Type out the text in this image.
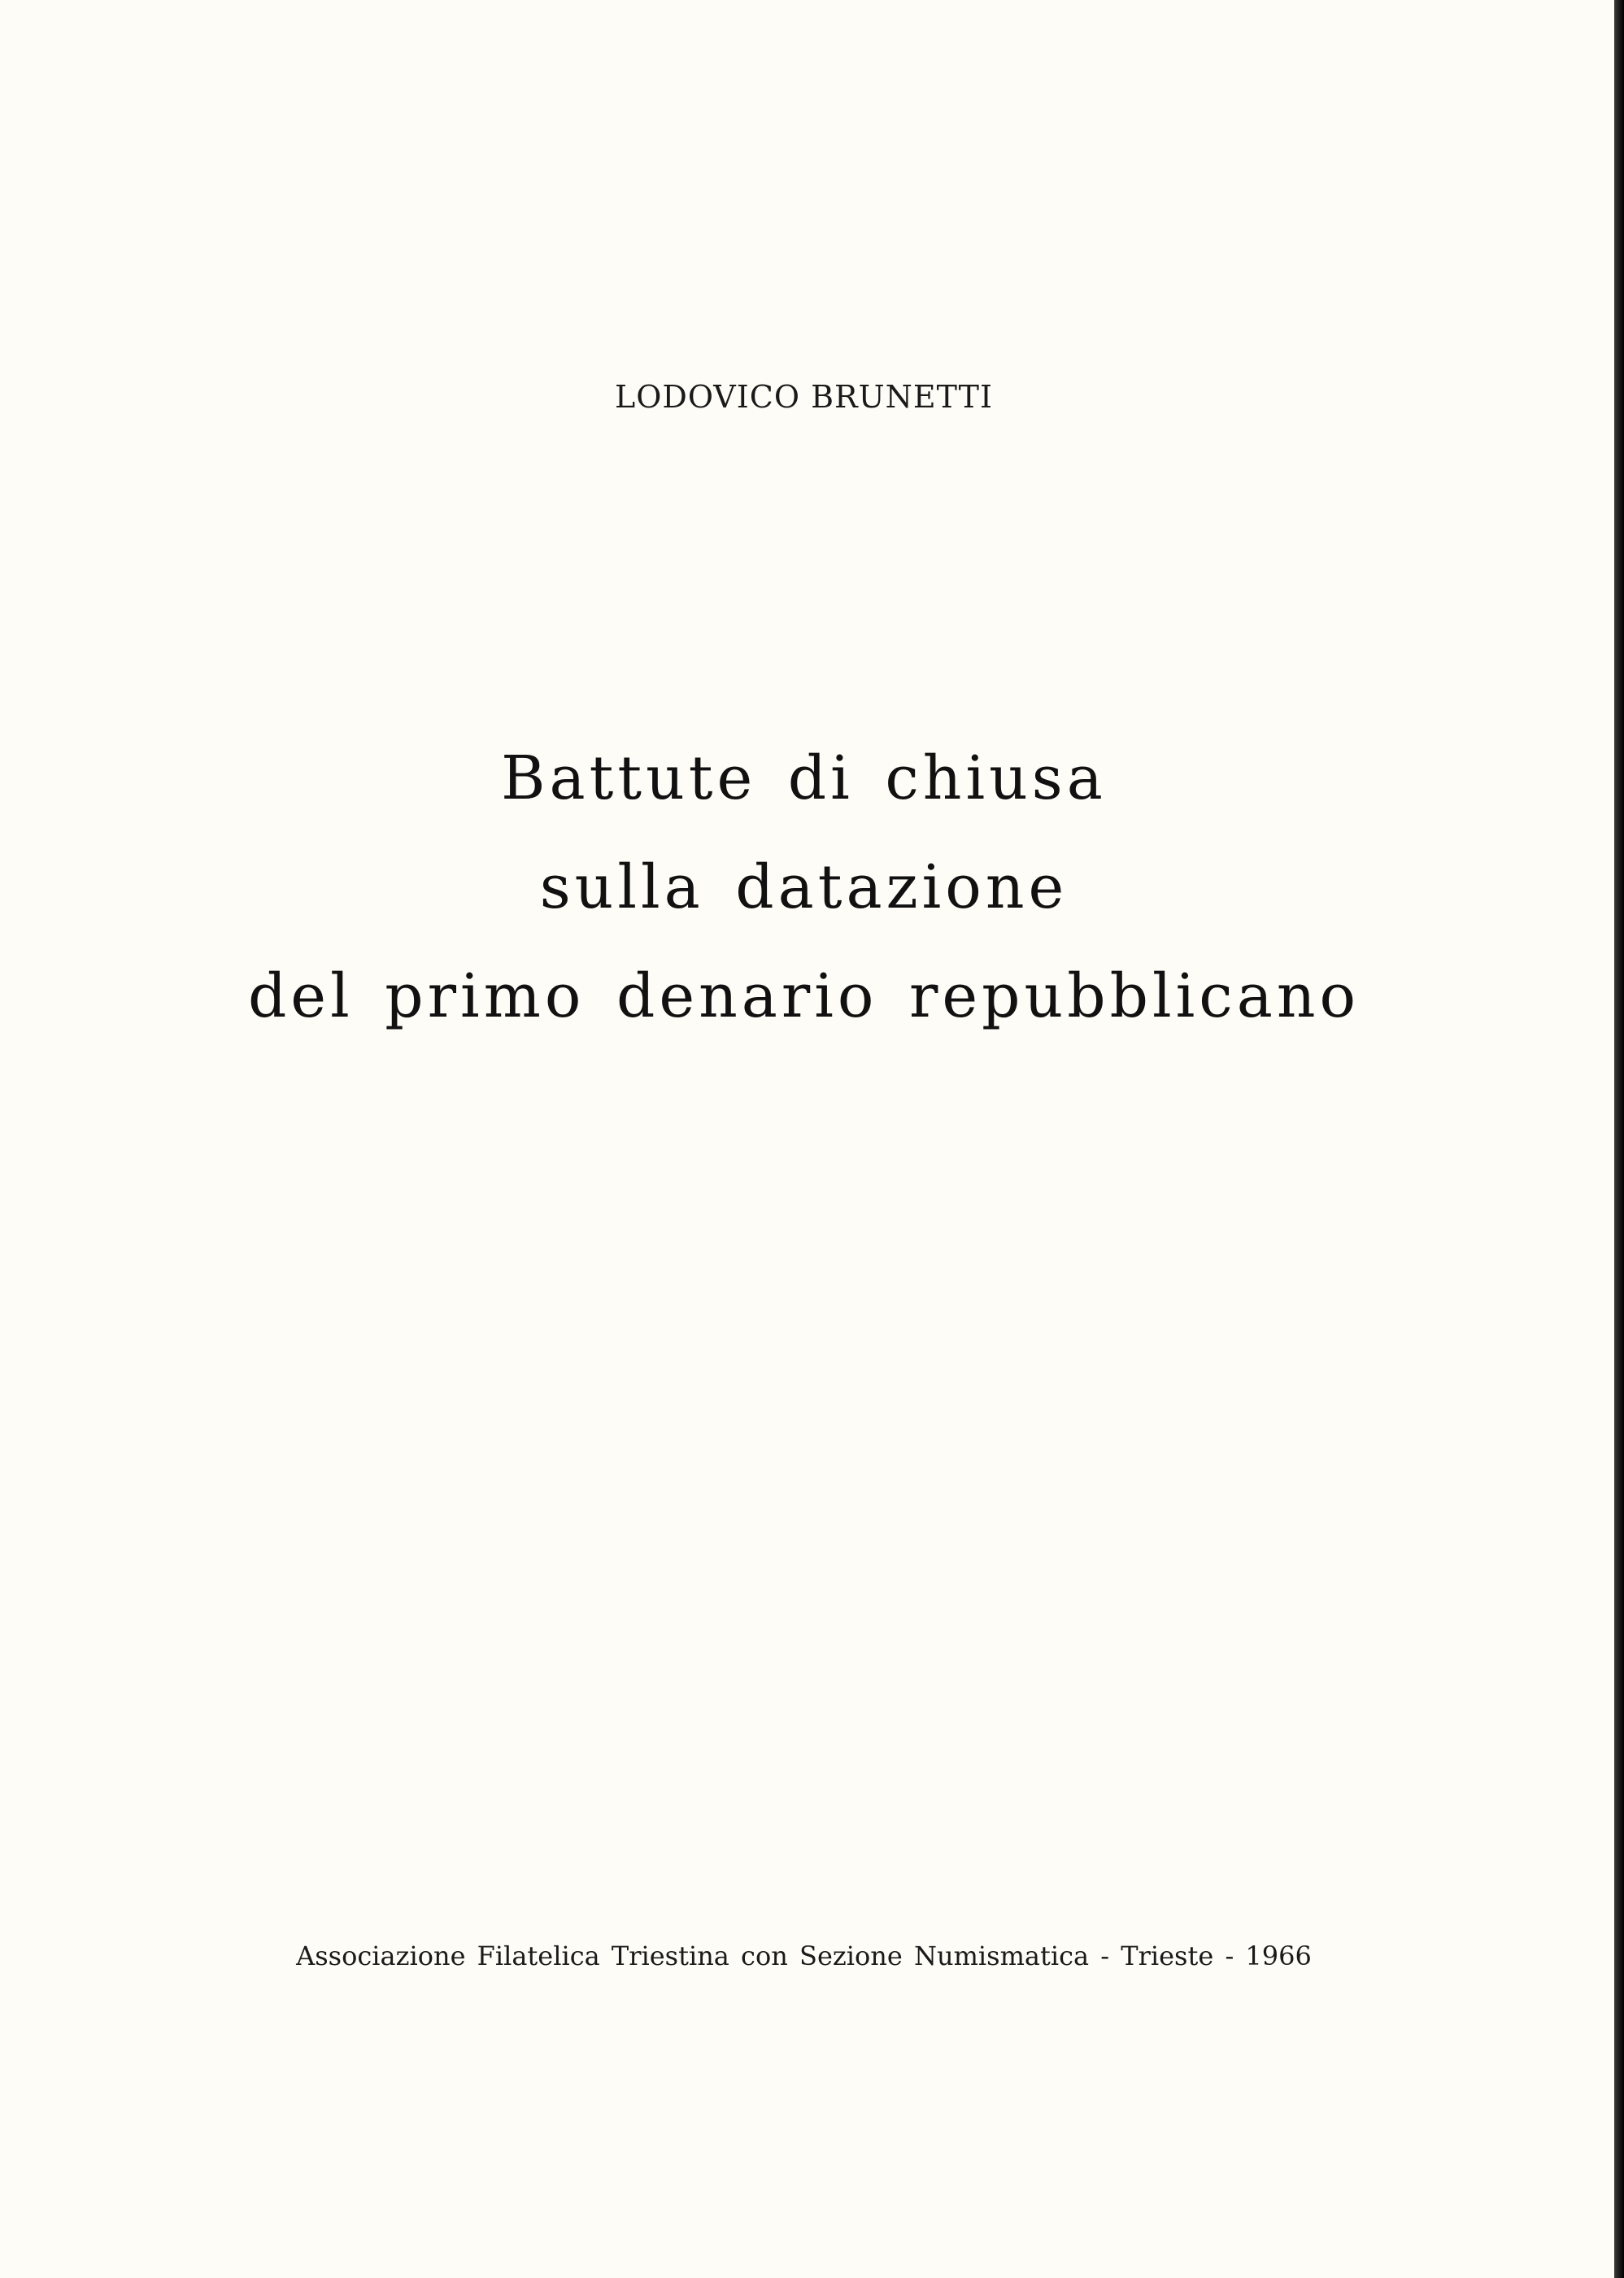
LODOVICO BRUNETTI
Battute di chiusa
sulla datazione
del primo denario repubblicano
Associazione Filatelica Triestina con Sezione Numismatica - Trieste - 1966
